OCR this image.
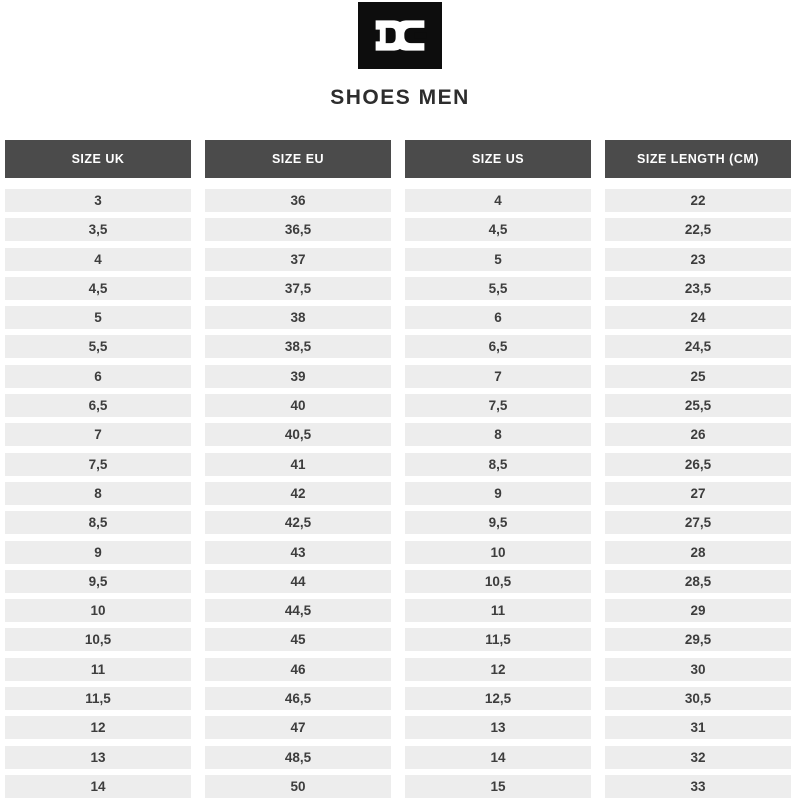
SHOES MEN
SIZE UK
3
3,5
4
4,5
5
5,5
6
6,5
7
7,5
8
8,5
9
9,5
10
10,5
11
11,5
12
13
14
SIZE EU
36
36,5
37
37,5
38
38,5
39
40
40,5
41
42
42,5
43
44
44,5
45
46
46,5
47
48,5
50
SIZE US
4
4,5
5
5,5
6
6,5
7
7,5
8
8,5
9
9,5
10
10,5
11
11,5
12
12,5
13
14
15
SIZE LENGTH (CM)
22
22,5
23
23,5
24
24,5
25
25,5
26
26,5
27
27,5
28
28,5
29
29,5
30
30,5
31
32
33
